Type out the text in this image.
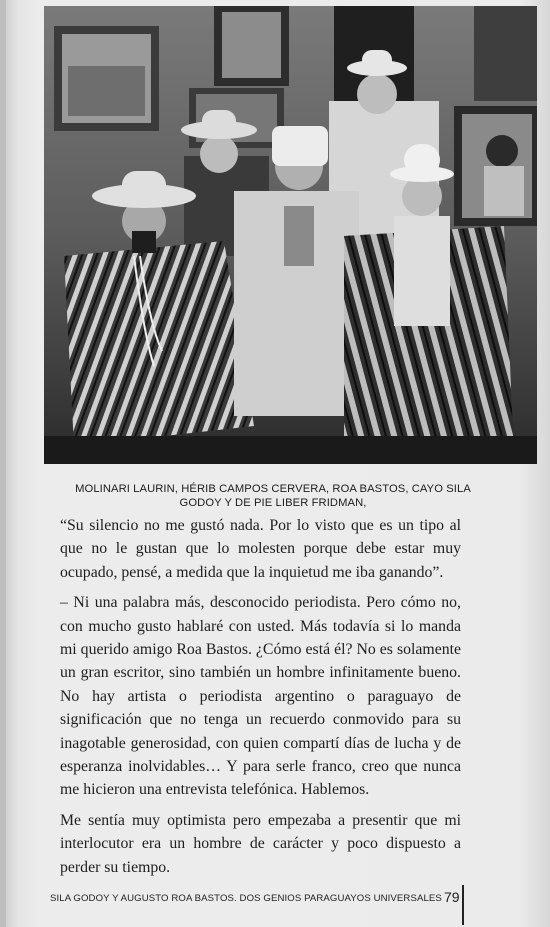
MOLINARI LAURIN, HÉRIB CAMPOS CERVERA, ROA BASTOS, CAYO SILA
GODOY Y DE PIE LIBER FRIDMAN,

“Su silencio no me gustó nada. Por lo visto que es un tipo al que no le gustan que lo molesten porque debe estar muy ocupado, pensé, a medida que la inquietud me iba ganando”.

– Ni una palabra más, desconocido periodista. Pero cómo no, con mucho gusto hablaré con usted. Más todavía si lo manda mi querido amigo Roa Bastos. ¿Cómo está él? No es solamente un gran escritor, sino también un hombre infinitamente bueno. No hay artista o periodista argentino o paraguayo de significación que no tenga un recuerdo conmovido para su inagotable generosidad, con quien compartí días de lucha y de esperanza inolvidables… Y para serle franco, creo que nunca me hicieron una entrevista telefónica. Hablemos.

Me sentía muy optimista pero empezaba a presentir que mi interlocutor era un hombre de carácter y poco dispuesto a perder su tiempo.

SILA GODOY Y AUGUSTO ROA BASTOS. DOS GENIOS PARAGUAYOS UNIVERSALES 79
